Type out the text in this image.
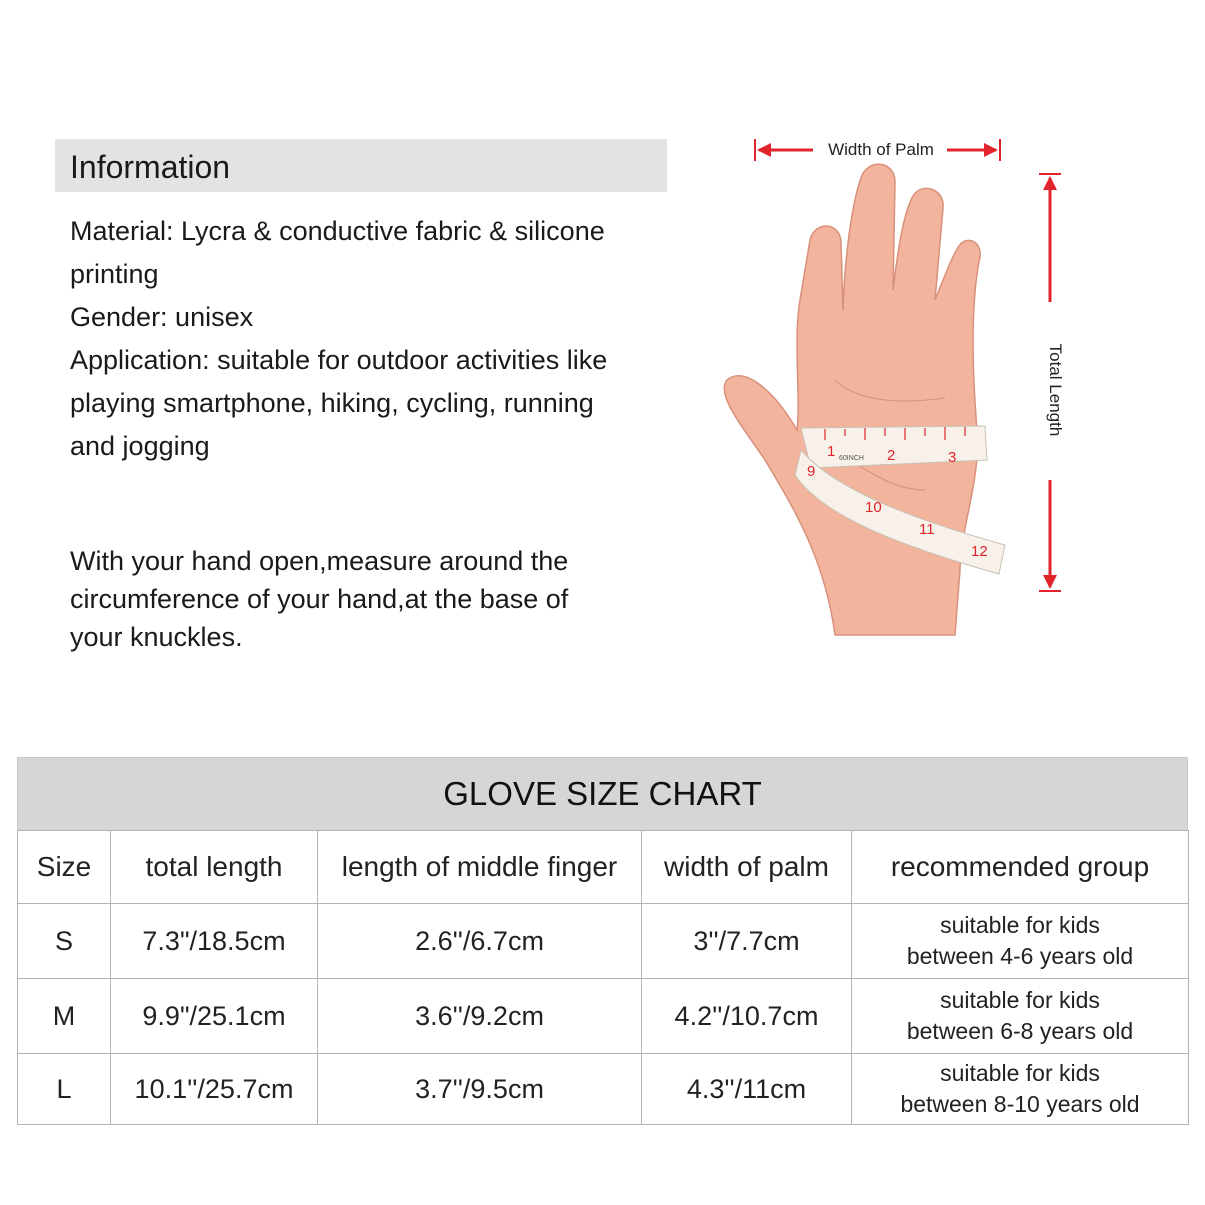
Information
Material: Lycra & conductive fabric & silicone
printing
Gender: unisex
Application: suitable for outdoor activities like
playing smartphone, hiking, cycling, running
and jogging
With your hand open,measure around the
circumference of your hand,at the base of
your knuckles.
Width of Palm
Total Length
1	2	3
60INCH
9
10
11
12
GLOVE SIZE CHART
Size	total length	length of middle finger	width of palm	recommended group
S	7.3"/18.5cm	2.6''/6.7cm	3''/7.7cm	suitable for kids
between 4-6 years old

M	9.9"/25.1cm	3.6''/9.2cm	4.2''/10.7cm	suitable for kids
between 6-8 years old

L	10.1''/25.7cm	3.7''/9.5cm	4.3''/11cm	suitable for kids
between 8-10 years old
